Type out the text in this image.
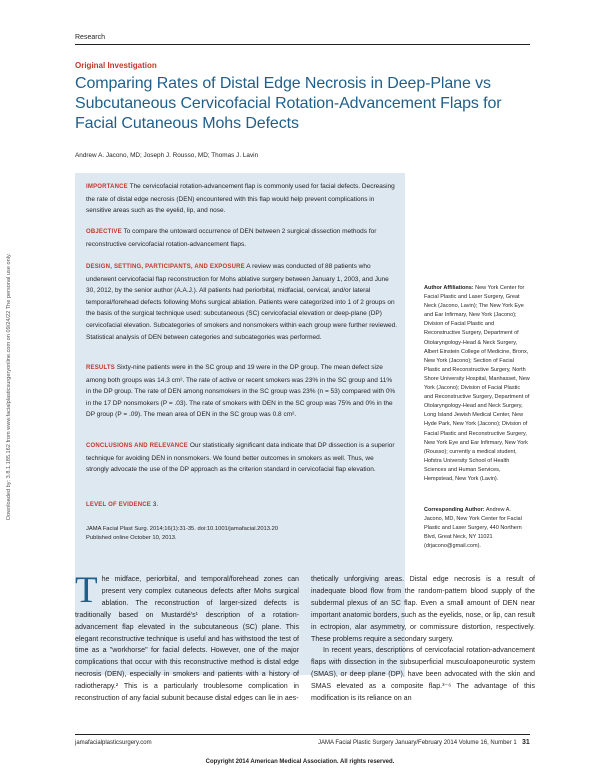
Research
Downloaded by: 3.8.1.185.162 from www.facialplasticsurgeryonline.com on 09/24/22 The personal use only.
Original Investigation
Comparing Rates of Distal Edge Necrosis in Deep-Plane vs Subcutaneous Cervicofacial Rotation-Advancement Flaps for Facial Cutaneous Mohs Defects
Andrew A. Jacono, MD; Joseph J. Rousso, MD; Thomas J. Lavin
IMPORTANCE The cervicofacial rotation-advancement flap is commonly used for facial defects. Decreasing the rate of distal edge necrosis (DEN) encountered with this flap would help prevent complications in sensitive areas such as the eyelid, lip, and nose.
OBJECTIVE To compare the untoward occurrence of DEN between 2 surgical dissection methods for reconstructive cervicofacial rotation-advancement flaps.
DESIGN, SETTING, PARTICIPANTS, AND EXPOSURE A review was conducted of 88 patients who underwent cervicofacial flap reconstruction for Mohs ablative surgery between January 1, 2003, and June 30, 2012, by the senior author (A.A.J.). All patients had periorbital, midfacial, cervical, and/or lateral temporal/forehead defects following Mohs surgical ablation. Patients were categorized into 1 of 2 groups on the basis of the surgical technique used: subcutaneous (SC) cervicofacial elevation or deep-plane (DP) cervicofacial elevation. Subcategories of smokers and nonsmokers within each group were further reviewed. Statistical analysis of DEN between categories and subcategories was performed.
RESULTS Sixty-nine patients were in the SC group and 19 were in the DP group. The mean defect size among both groups was 14.3 cm². The rate of active or recent smokers was 23% in the SC group and 11% in the DP group. The rate of DEN among nonsmokers in the SC group was 23% (n = 53) compared with 0% in the 17 DP nonsmokers (P = .03). The rate of smokers with DEN in the SC group was 75% and 0% in the DP group (P = .09). The mean area of DEN in the SC group was 0.8 cm².
CONCLUSIONS AND RELEVANCE Our statistically significant data indicate that DP dissection is a superior technique for avoiding DEN in nonsmokers. We found better outcomes in smokers as well. Thus, we strongly advocate the use of the DP approach as the criterion standard in cervicofacial flap elevation.
LEVEL OF EVIDENCE 3.
JAMA Facial Plast Surg. 2014;16(1):31-35. doi:10.1001/jamafacial.2013.20
Published online October 10, 2013.
Author Affiliations: New York Center for Facial Plastic and Laser Surgery, Great Neck (Jacono, Lavin); The New York Eye and Ear Infirmary, New York (Jacono); Division of Facial Plastic and Reconstructive Surgery, Department of Otolaryngology-Head & Neck Surgery, Albert Einstein College of Medicine, Bronx, New York (Jacono); Section of Facial Plastic and Reconstructive Surgery, North Shore University Hospital, Manhasset, New York (Jacono); Division of Facial Plastic and Reconstructive Surgery, Department of Otolaryngology-Head and Neck Surgery, Long Island Jewish Medical Center, New Hyde Park, New York (Jacono); Division of Facial Plastic and Reconstructive Surgery, New York Eye and Ear Infirmary, New York (Rousso); currently a medical student, Hofstra University School of Health Sciences and Human Services, Hempstead, New York (Lavin).
Corresponding Author: Andrew A. Jacono, MD, New York Center for Facial Plastic and Laser Surgery, 440 Northern Blvd, Great Neck, NY 11021 (drjacono@gmail.com).

The midface, periorbital, and temporal/forehead zones can present very complex cutaneous defects after Mohs surgical ablation. The reconstruction of larger-sized defects is traditionally based on Mustardé's¹ description of a rotation-advancement flap elevated in the subcutaneous (SC) plane. This elegant reconstructive technique is useful and has withstood the test of time as a "workhorse" for facial defects. However, one of the major complications that occur with this reconstructive method is distal edge necrosis (DEN), especially in smokers and patients with a history of radiotherapy.² This is a particularly troublesome complication in reconstruction of any facial subunit because distal edges can lie in aes-

thetically unforgiving areas. Distal edge necrosis is a result of inadequate blood flow from the random-pattern blood supply of the subdermal plexus of an SC flap. Even a small amount of DEN near important anatomic borders, such as the eyelids, nose, or lip, can result in ectropion, alar asymmetry, or commissure distortion, respectively. These problems require a secondary surgery.

In recent years, descriptions of cervicofacial rotation-advancement flaps with dissection in the subsuperficial musculoaponeurotic system (SMAS), or deep plane (DP), have been advocated with the skin and SMAS elevated as a composite flap.³⁻⁶ The advantage of this modification is its reliance on an

jamafacialplasticsurgery.com	JAMA Facial Plastic Surgery January/February 2014 Volume 16, Number 1 31
Copyright 2014 American Medical Association. All rights reserved.
